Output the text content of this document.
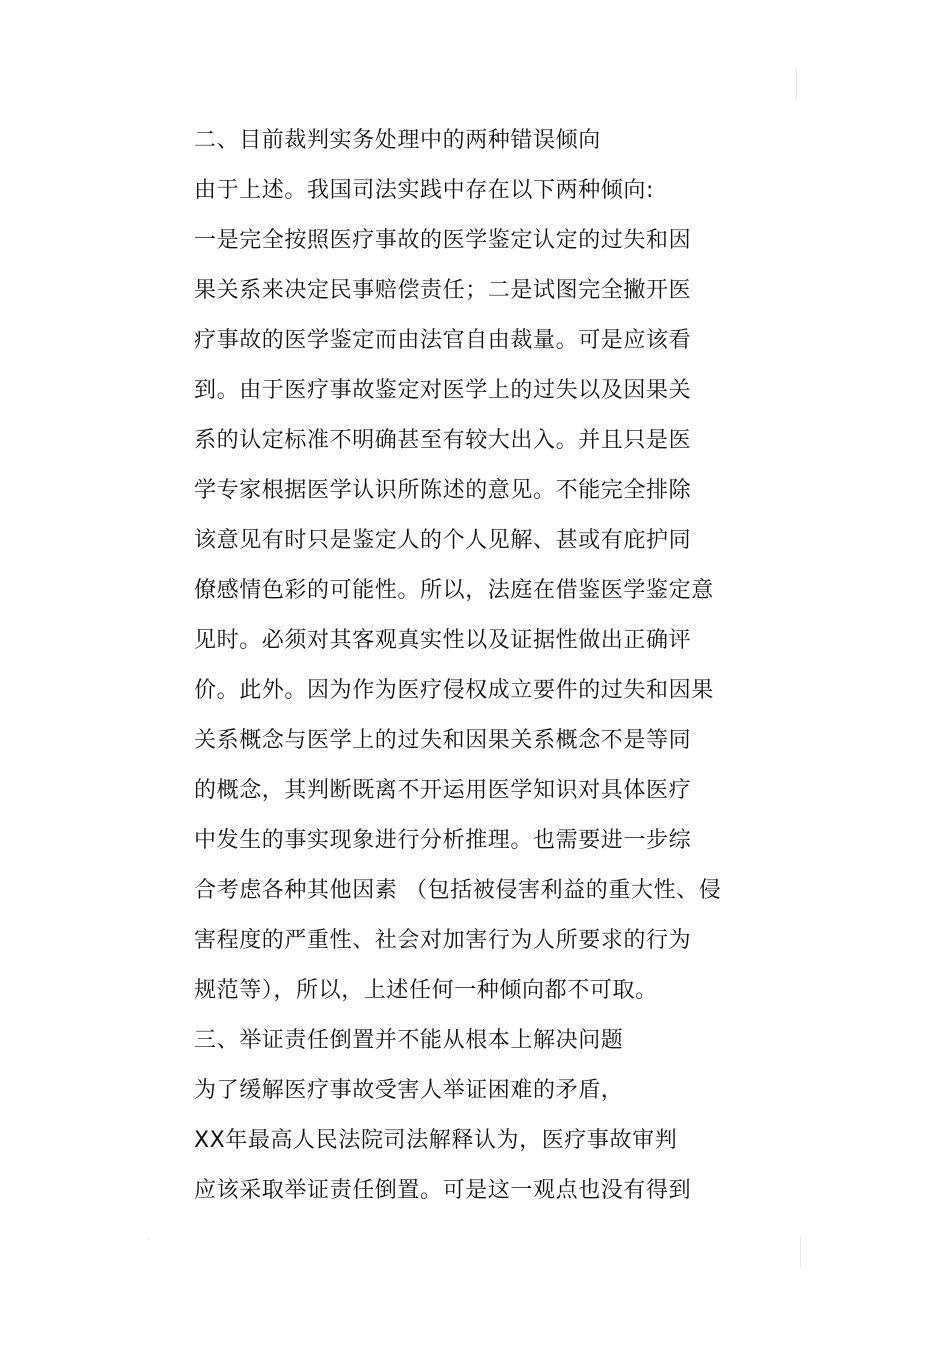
二、目前裁判实务处理中的两种错误倾向
由于上述。我国司法实践中存在以下两种倾向:
一是完全按照医疗事故的医学鉴定认定的过失和因
果关系来决定民事赔偿责任；二是试图完全撇开医
疗事故的医学鉴定而由法官自由裁量。可是应该看
到。由于医疗事故鉴定对医学上的过失以及因果关
系的认定标准不明确甚至有较大出入。并且只是医
学专家根据医学认识所陈述的意见。不能完全排除
该意见有时只是鉴定人的个人见解、甚或有庇护同
僚感情色彩的可能性。所以，法庭在借鉴医学鉴定意
见时。必须对其客观真实性以及证据性做出正确评
价。此外。因为作为医疗侵权成立要件的过失和因果
关系概念与医学上的过失和因果关系概念不是等同
的概念，其判断既离不开运用医学知识对具体医疗
中发生的事实现象进行分析推理。也需要进一步综
合考虑各种其他因素 （包括被侵害利益的重大性、侵
害程度的严重性、社会对加害行为人所要求的行为
规范等），所以，上述任何一种倾向都不可取。
三、举证责任倒置并不能从根本上解决问题
为了缓解医疗事故受害人举证困难的矛盾，
XX年最高人民法院司法解释认为，医疗事故审判
应该采取举证责任倒置。可是这一观点也没有得到
